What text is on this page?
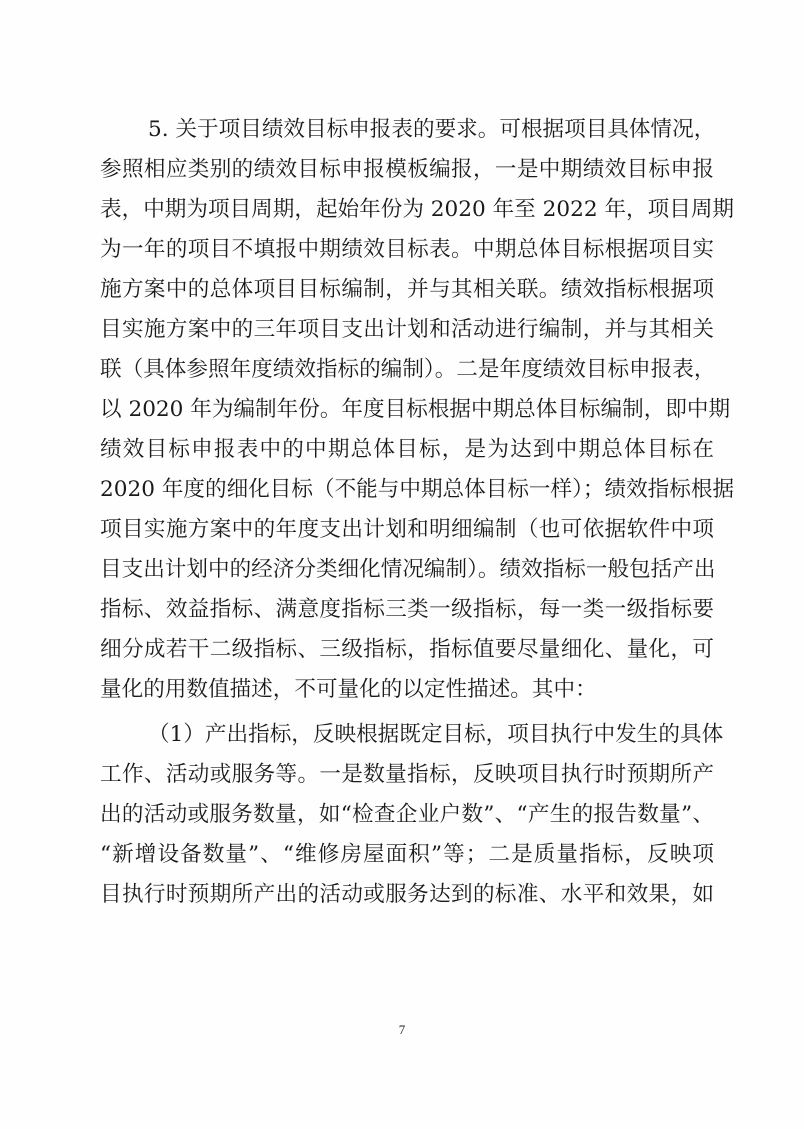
5. 关于项目绩效目标申报表的要求。可根据项目具体情况，
参照相应类别的绩效目标申报模板编报，一是中期绩效目标申报
表，中期为项目周期，起始年份为 2020 年至 2022 年，项目周期
为一年的项目不填报中期绩效目标表。中期总体目标根据项目实
施方案中的总体项目目标编制，并与其相关联。绩效指标根据项
目实施方案中的三年项目支出计划和活动进行编制，并与其相关
联（具体参照年度绩效指标的编制）。二是年度绩效目标申报表，
以 2020 年为编制年份。年度目标根据中期总体目标编制，即中期
绩效目标申报表中的中期总体目标，是为达到中期总体目标在
2020 年度的细化目标（不能与中期总体目标一样）；绩效指标根据
项目实施方案中的年度支出计划和明细编制（也可依据软件中项
目支出计划中的经济分类细化情况编制）。绩效指标一般包括产出
指标、效益指标、满意度指标三类一级指标，每一类一级指标要
细分成若干二级指标、三级指标，指标值要尽量细化、量化，可
量化的用数值描述，不可量化的以定性描述。其中：
（1）产出指标，反映根据既定目标，项目执行中发生的具体
工作、活动或服务等。一是数量指标，反映项目执行时预期所产
出的活动或服务数量，如“检查企业户数”、“产生的报告数量”、
“新增设备数量”、“维修房屋面积”等；二是质量指标，反映项
目执行时预期所产出的活动或服务达到的标准、水平和效果，如
7
